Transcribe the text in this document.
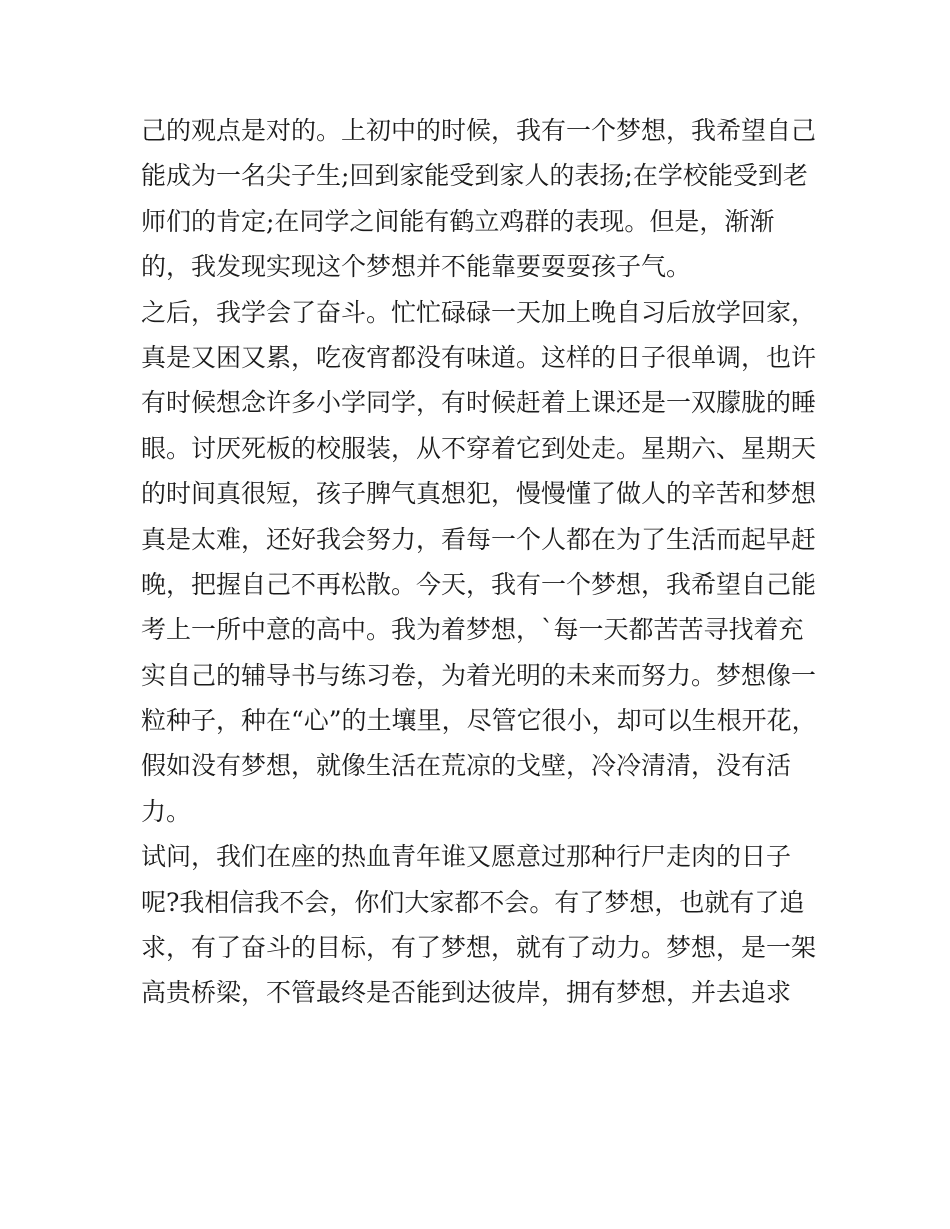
己的观点是对的。上初中的时候，我有一个梦想，我希望自己
能成为一名尖子生;回到家能受到家人的表扬;在学校能受到老
师们的肯定;在同学之间能有鹤立鸡群的表现。但是，渐渐
的，我发现实现这个梦想并不能靠要耍耍孩子气。
之后，我学会了奋斗。忙忙碌碌一天加上晚自习后放学回家，
真是又困又累，吃夜宵都没有味道。这样的日子很单调，也许
有时候想念许多小学同学，有时候赶着上课还是一双朦胧的睡
眼。讨厌死板的校服装，从不穿着它到处走。星期六、星期天
的时间真很短，孩子脾气真想犯，慢慢懂了做人的辛苦和梦想
真是太难，还好我会努力，看每一个人都在为了生活而起早赶
晚，把握自己不再松散。今天，我有一个梦想，我希望自己能
考上一所中意的高中。我为着梦想，`每一天都苦苦寻找着充
实自己的辅导书与练习卷，为着光明的未来而努力。梦想像一
粒种子，种在“心”的土壤里，尽管它很小，却可以生根开花，
假如没有梦想，就像生活在荒凉的戈壁，冷冷清清，没有活
力。
试问，我们在座的热血青年谁又愿意过那种行尸走肉的日子
呢?我相信我不会，你们大家都不会。有了梦想，也就有了追
求，有了奋斗的目标，有了梦想，就有了动力。梦想，是一架
高贵桥梁，不管最终是否能到达彼岸，拥有梦想，并去追求
